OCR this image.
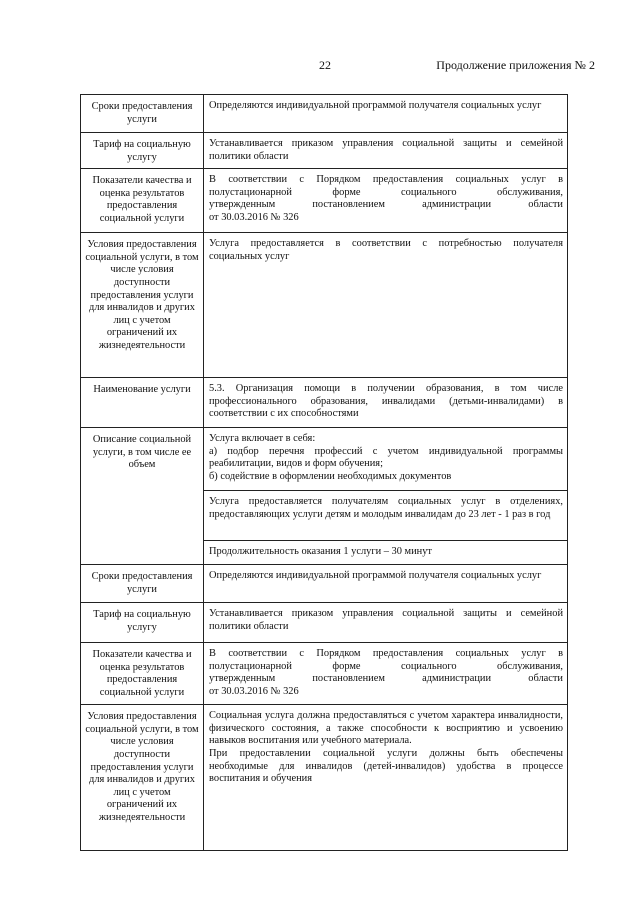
22	Продолжение приложения № 2
Сроки предоставления услуги	Определяются индивидуальной программой получателя социальных услуг
Тариф на социальную услугу	Устанавливается приказом управления социальной защиты и семейной политики области
Показатели качества и оценка результатов предоставления социальной услуги	В соответствии с Порядком предоставления социальных услуг в
полустационарной форме социального обслуживания,
утвержденным постановлением администрации области
от 30.03.2016 № 326

Условия предоставления социальной услуги, в том числе условия доступности предоставления услуги для инвалидов и других лиц с учетом ограничений их жизнедеятельности	Услуга предоставляется в соответствии с потребностью получателя социальных услуг
Наименование услуги	5.3. Организация помощи в получении образования, в том числе профессионального образования, инвалидами (детьми-инвалидами) в соответствии с их способностями
Описание социальной услуги, в том числе ее объем	Услуга включает в себя:
а) подбор перечня профессий с учетом индивидуальной программы реабилитации, видов и форм обучения;
б) содействие в оформлении необходимых документов
Услуга предоставляется получателям социальных услуг в отделениях, предоставляющих услуги детям и молодым инвалидам до 23 лет - 1 раз в год
Продолжительность оказания 1 услуги – 30 минут

Сроки предоставления услуги	Определяются индивидуальной программой получателя социальных услуг
Тариф на социальную услугу	Устанавливается приказом управления социальной защиты и семейной политики области
Показатели качества и оценка результатов предоставления социальной услуги	В соответствии с Порядком предоставления социальных услуг в
полустационарной форме социального обслуживания,
утвержденным постановлением администрации области
от 30.03.2016 № 326

Условия предоставления социальной услуги, в том числе условия доступности предоставления услуги для инвалидов и других лиц с учетом ограничений их жизнедеятельности	Социальная услуга должна предоставляться с учетом характера инвалидности, физического состояния, а также способности к восприятию и усвоению навыков воспитания или учебного материала.
При предоставлении социальной услуги должны быть обеспечены необходимые для инвалидов (детей-инвалидов) удобства в процессе воспитания и обучения
